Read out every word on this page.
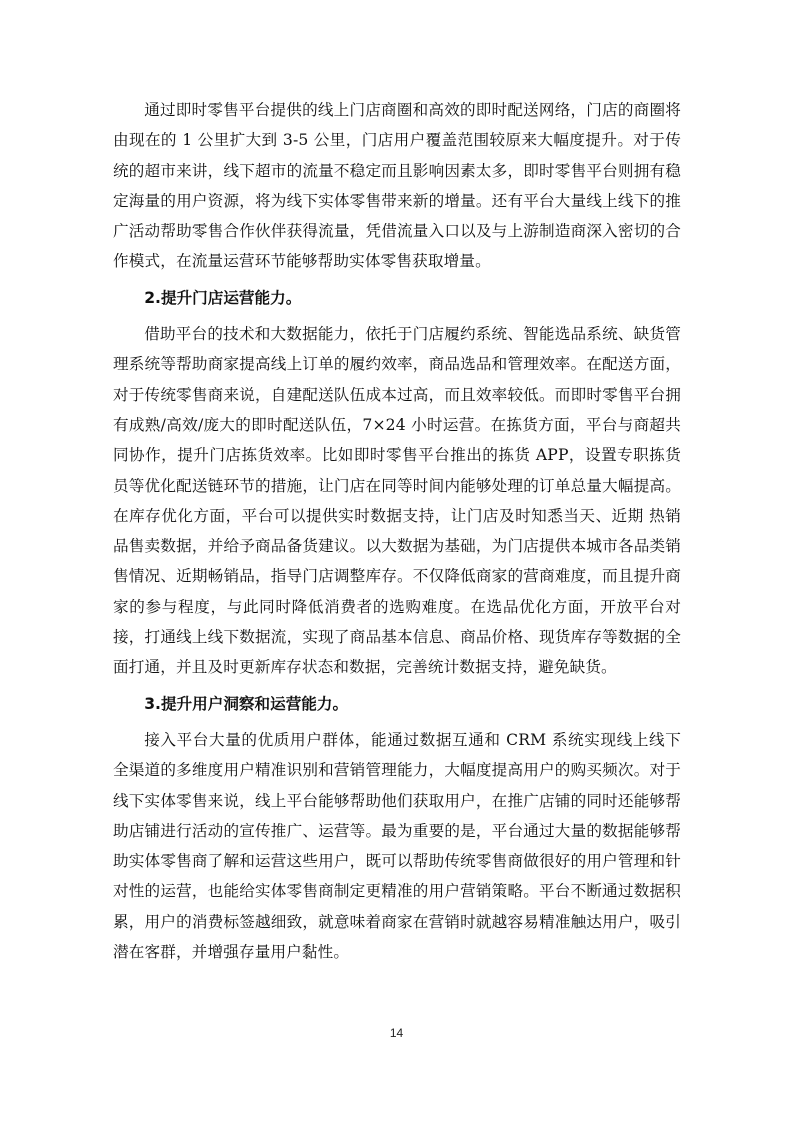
通过即时零售平台提供的线上门店商圈和高效的即时配送网络，门店的商圈将由现在的 1 公里扩大到 3-5 公里，门店用户覆盖范围较原来大幅度提升。对于传统的超市来讲，线下超市的流量不稳定而且影响因素太多，即时零售平台则拥有稳定海量的用户资源，将为线下实体零售带来新的增量。还有平台大量线上线下的推广活动帮助零售合作伙伴获得流量，凭借流量入口以及与上游制造商深入密切的合作模式，在流量运营环节能够帮助实体零售获取增量。

2.提升门店运营能力。

借助平台的技术和大数据能力，依托于门店履约系统、智能选品系统、缺货管理系统等帮助商家提高线上订单的履约效率，商品选品和管理效率。在配送方面，对于传统零售商来说，自建配送队伍成本过高，而且效率较低。而即时零售平台拥有成熟/高效/庞大的即时配送队伍，7×24 小时运营。在拣货方面，平台与商超共同协作，提升门店拣货效率。比如即时零售平台推出的拣货 APP，设置专职拣货员等优化配送链环节的措施，让门店在同等时间内能够处理的订单总量大幅提高。在库存优化方面，平台可以提供实时数据支持，让门店及时知悉当天、近期 热销品售卖数据，并给予商品备货建议。以大数据为基础，为门店提供本城市各品类销售情况、近期畅销品，指导门店调整库存。不仅降低商家的营商难度，而且提升商家的参与程度，与此同时降低消费者的选购难度。在选品优化方面，开放平台对接，打通线上线下数据流，实现了商品基本信息、商品价格、现货库存等数据的全面打通，并且及时更新库存状态和数据，完善统计数据支持，避免缺货。

3.提升用户洞察和运营能力。

接入平台大量的优质用户群体，能通过数据互通和 CRM 系统实现线上线下全渠道的多维度用户精准识别和营销管理能力，大幅度提高用户的购买频次。对于线下实体零售来说，线上平台能够帮助他们获取用户，在推广店铺的同时还能够帮助店铺进行活动的宣传推广、运营等。最为重要的是，平台通过大量的数据能够帮助实体零售商了解和运营这些用户，既可以帮助传统零售商做很好的用户管理和针对性的运营，也能给实体零售商制定更精准的用户营销策略。平台不断通过数据积累，用户的消费标签越细致，就意味着商家在营销时就越容易精准触达用户，吸引潜在客群，并增强存量用户黏性。

14
